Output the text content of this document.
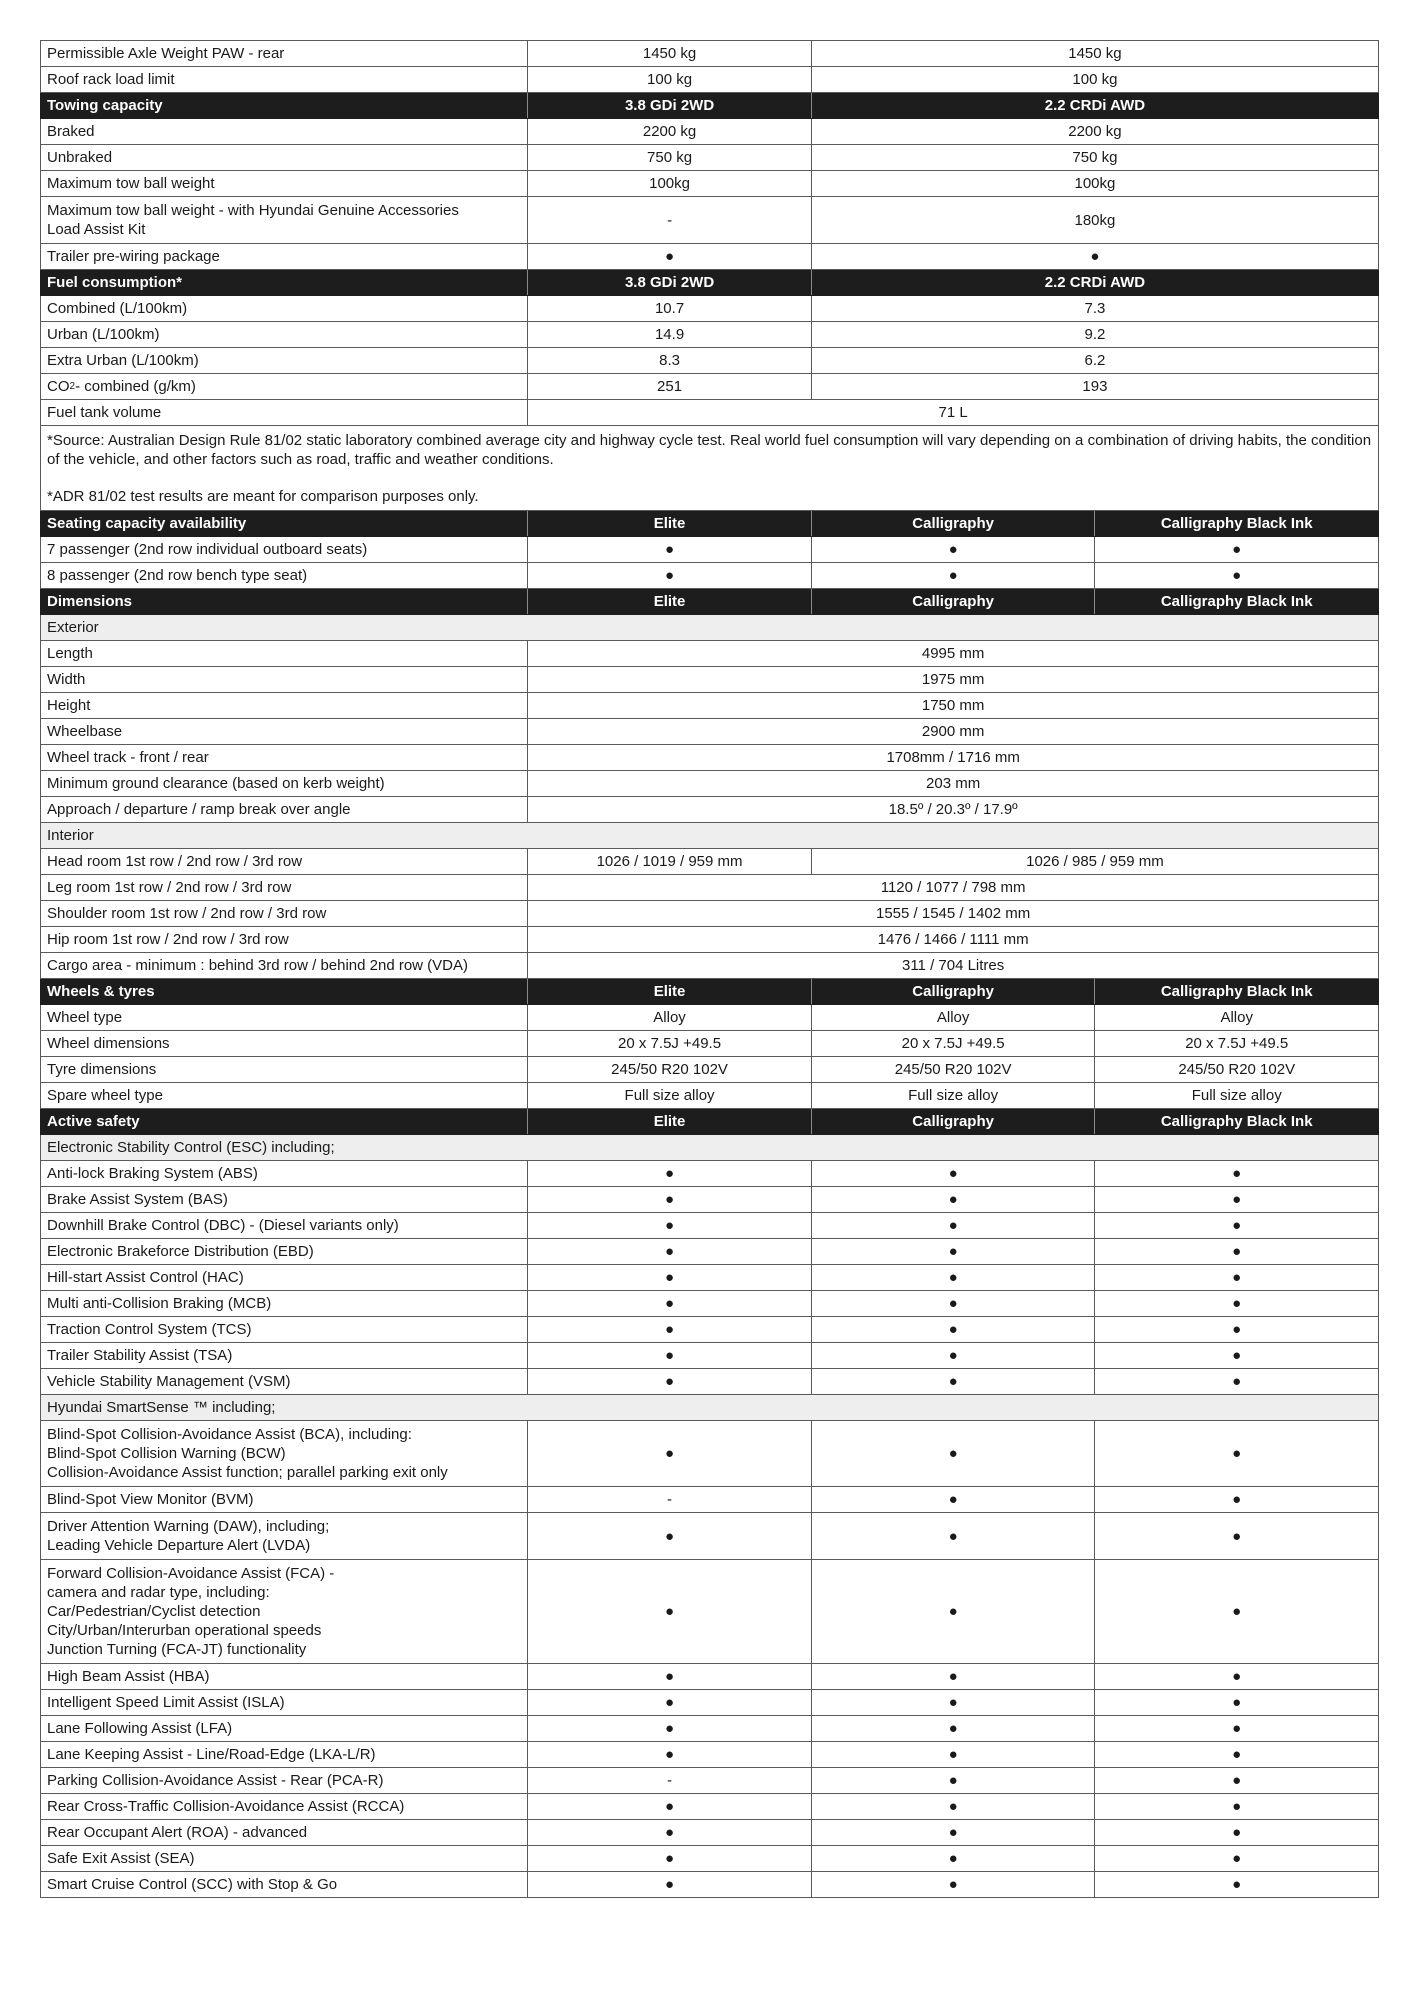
Permissible Axle Weight PAW - rear	1450 kg	1450 kg
Roof rack load limit	100 kg	100 kg
Towing capacity	3.8 GDi 2WD	2.2 CRDi AWD
Braked	2200 kg	2200 kg
Unbraked	750 kg	750 kg
Maximum tow ball weight	100kg	100kg
Maximum tow ball weight - with Hyundai Genuine Accessories
Load Assist Kit
-	180kg
Trailer pre-wiring package	●	●
Fuel consumption*	3.8 GDi 2WD	2.2 CRDi AWD
Combined (L/100km)	10.7	7.3
Urban (L/100km)	14.9	9.2
Extra Urban (L/100km)	8.3	6.2
CO 2 - combined (g/km)	251	193
Fuel tank volume	71 L

*Source: Australian Design Rule 81/02 static laboratory combined average city and highway cycle test. Real world fuel consumption will vary depending on a combination of driving habits, the condition of the vehicle, and other factors such as road, traffic and weather conditions.

*ADR 81/02 test results are meant for comparison purposes only.

Seating capacity availability	Elite	Calligraphy	Calligraphy Black Ink
7 passenger (2nd row individual outboard seats)	●	●	●
8 passenger (2nd row bench type seat)	●	●	●
Dimensions	Elite	Calligraphy	Calligraphy Black Ink
Exterior
Length	4995 mm
Width	1975 mm
Height	1750 mm
Wheelbase	2900 mm
Wheel track - front / rear	1708mm / 1716 mm
Minimum ground clearance (based on kerb weight)	203 mm
Approach / departure / ramp break over angle	18.5º / 20.3º / 17.9º
Interior
Head room 1st row / 2nd row / 3rd row	1026 / 1019 / 959 mm	1026 / 985 / 959 mm
Leg room 1st row / 2nd row / 3rd row	1120 / 1077 / 798 mm
Shoulder room 1st row / 2nd row / 3rd row	1555 / 1545 / 1402 mm
Hip room 1st row / 2nd row / 3rd row	1476 / 1466 / 1111 mm
Cargo area - minimum : behind 3rd row / behind 2nd row (VDA)	311 / 704 Litres
Wheels & tyres	Elite	Calligraphy	Calligraphy Black Ink
Wheel type	Alloy	Alloy	Alloy
Wheel dimensions	20 x 7.5J +49.5	20 x 7.5J +49.5	20 x 7.5J +49.5
Tyre dimensions	245/50 R20 102V	245/50 R20 102V	245/50 R20 102V
Spare wheel type	Full size alloy	Full size alloy	Full size alloy
Active safety	Elite	Calligraphy	Calligraphy Black Ink
Electronic Stability Control (ESC) including;
Anti-lock Braking System (ABS)	●	●	●
Brake Assist System (BAS)	●	●	●
Downhill Brake Control (DBC) - (Diesel variants only)	●	●	●
Electronic Brakeforce Distribution (EBD)	●	●	●
Hill-start Assist Control (HAC)	●	●	●
Multi anti-Collision Braking (MCB)	●	●	●
Traction Control System (TCS)	●	●	●
Trailer Stability Assist (TSA)	●	●	●
Vehicle Stability Management (VSM)	●	●	●
Hyundai SmartSense ™ including;
Blind-Spot Collision-Avoidance Assist (BCA), including:
Blind-Spot Collision Warning (BCW)
Collision-Avoidance Assist function; parallel parking exit only
●	●	●
Blind-Spot View Monitor (BVM)	-	●	●
Driver Attention Warning (DAW), including;
Leading Vehicle Departure Alert (LVDA)
●	●	●
Forward Collision-Avoidance Assist (FCA) -
camera and radar type, including:
Car/Pedestrian/Cyclist detection
City/Urban/Interurban operational speeds
Junction Turning (FCA-JT) functionality
●	●	●
High Beam Assist (HBA)	●	●	●
Intelligent Speed Limit Assist (ISLA)	●	●	●
Lane Following Assist (LFA)	●	●	●
Lane Keeping Assist - Line/Road-Edge (LKA-L/R)	●	●	●
Parking Collision-Avoidance Assist - Rear (PCA-R)	-	●	●
Rear Cross-Traffic Collision-Avoidance Assist (RCCA)	●	●	●
Rear Occupant Alert (ROA) - advanced	●	●	●
Safe Exit Assist (SEA)	●	●	●
Smart Cruise Control (SCC) with Stop & Go	●	●	●
